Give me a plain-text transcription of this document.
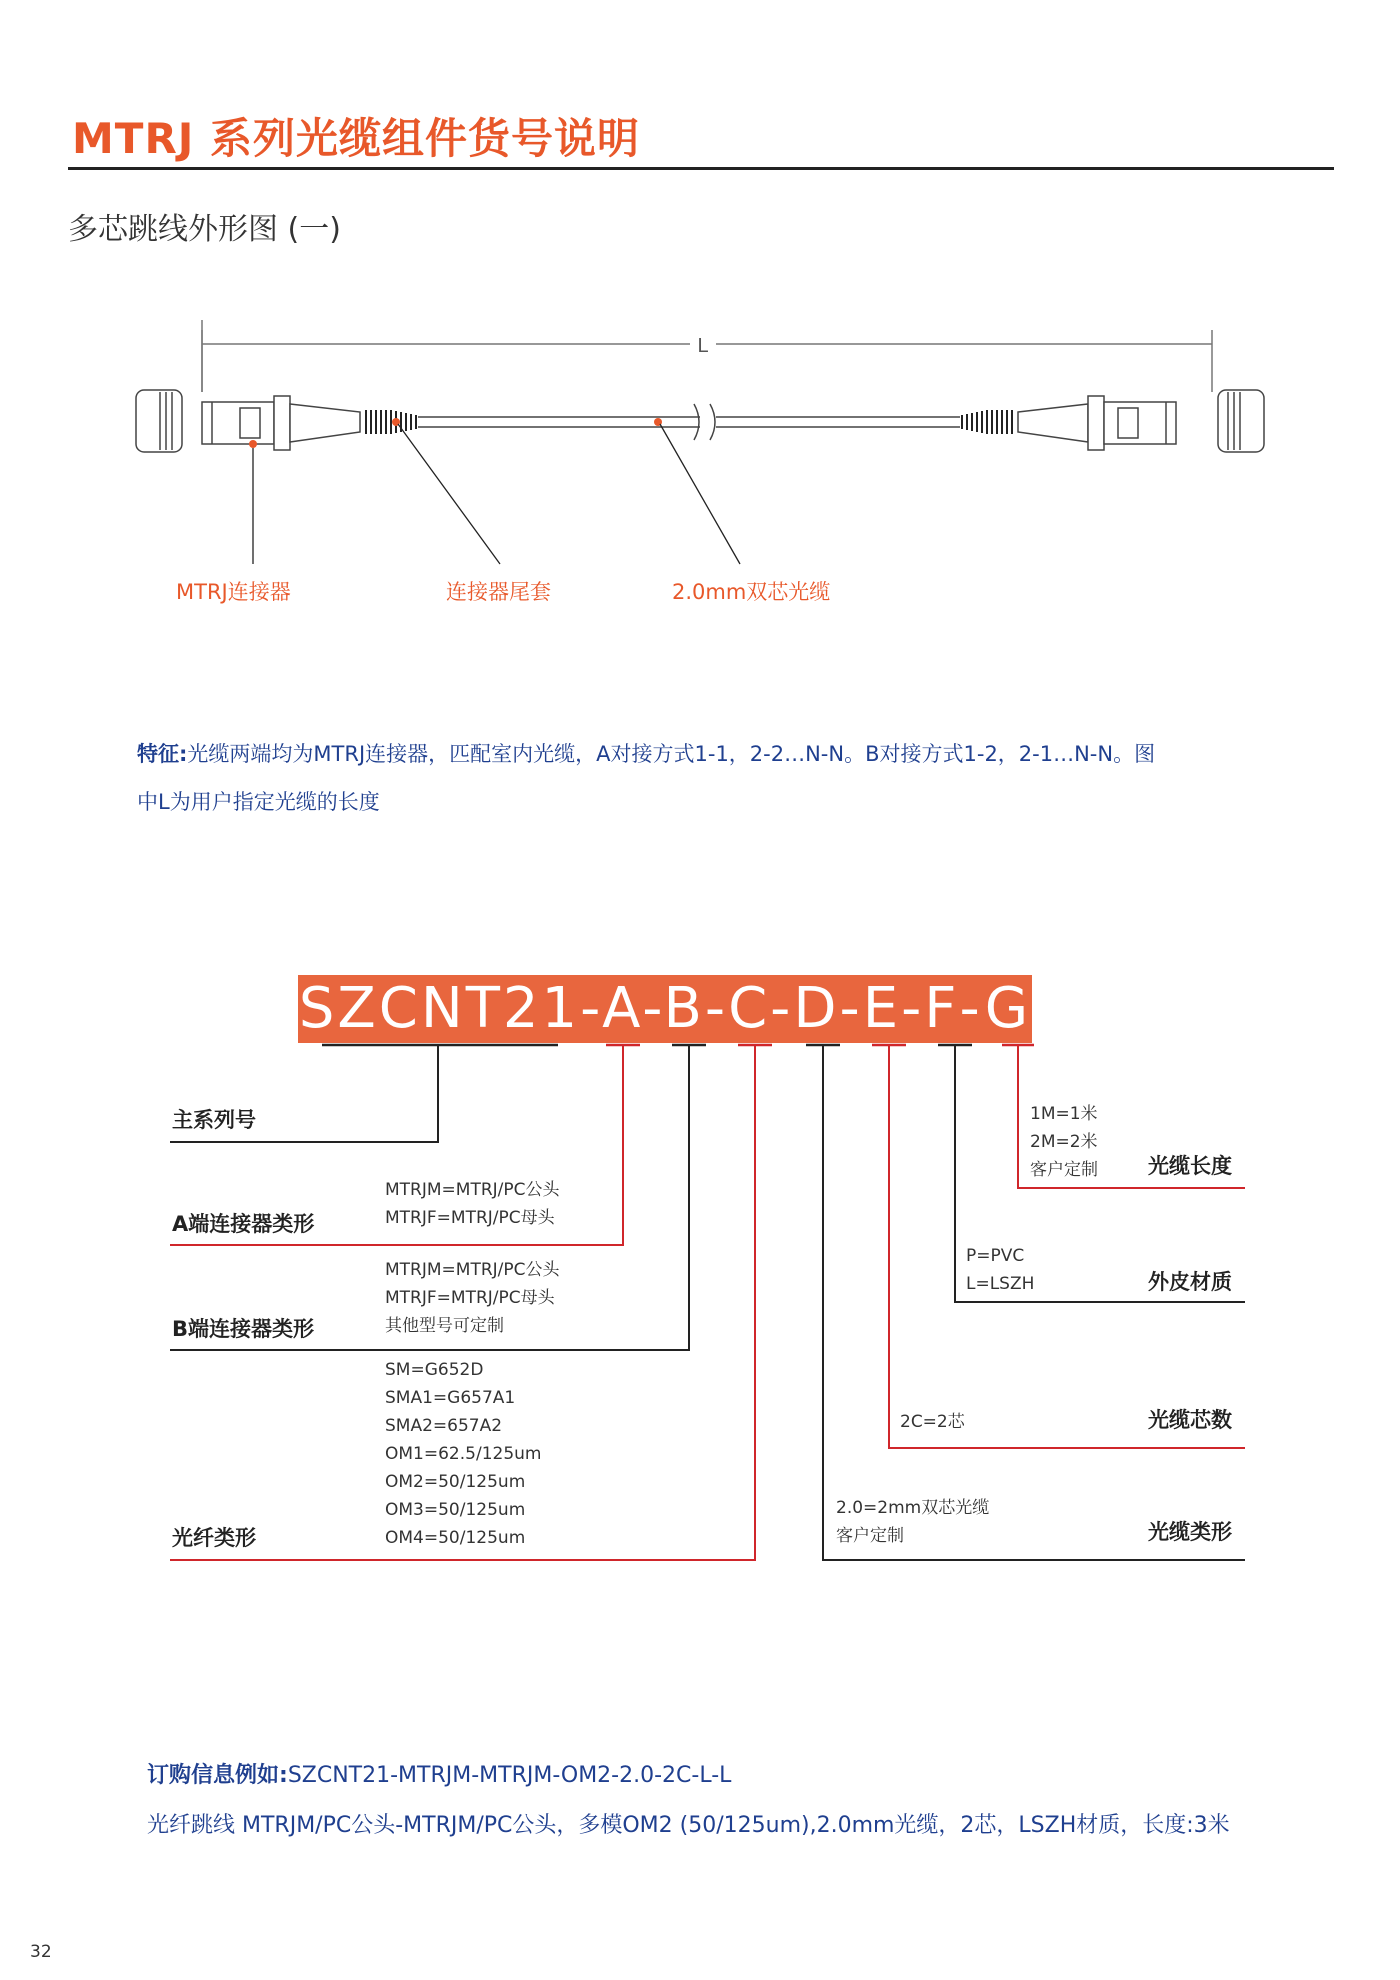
MTRJ 系列光缆组件货号说明
多芯跳线外形图 (一)
L
MTRJ连接器	连接器尾套	2.0mm双芯光缆
特征:光缆两端均为MTRJ连接器，匹配室内光缆，A对接方式1-1，2-2…N-N。B对接方式1-2，2-1…N-N。图
中L为用户指定光缆的长度
SZCNT21-A-B-C-D-E-F-G
主系列号
MTRJM=MTRJ/PC公头
MTRJF=MTRJ/PC母头
A端连接器类形
MTRJM=MTRJ/PC公头
MTRJF=MTRJ/PC母头
其他型号可定制
B端连接器类形
SM=G652D
SMA1=G657A1
SMA2=657A2
OM1=62.5/125um
OM2=50/125um
OM3=50/125um
OM4=50/125um
光纤类形
1M=1米
2M=2米
客户定制 光缆长度
P=PVC
L=LSZH	外皮材质
2C=2芯	光缆芯数
2.0=2mm双芯光缆
客户定制	光缆类形
订购信息例如:SZCNT21-MTRJM-MTRJM-OM2-2.0-2C-L-L
光纤跳线 MTRJM/PC公头-MTRJM/PC公头，多模OM2 (50/125um),2.0mm光缆，2芯，LSZH材质，长度:3米
32
